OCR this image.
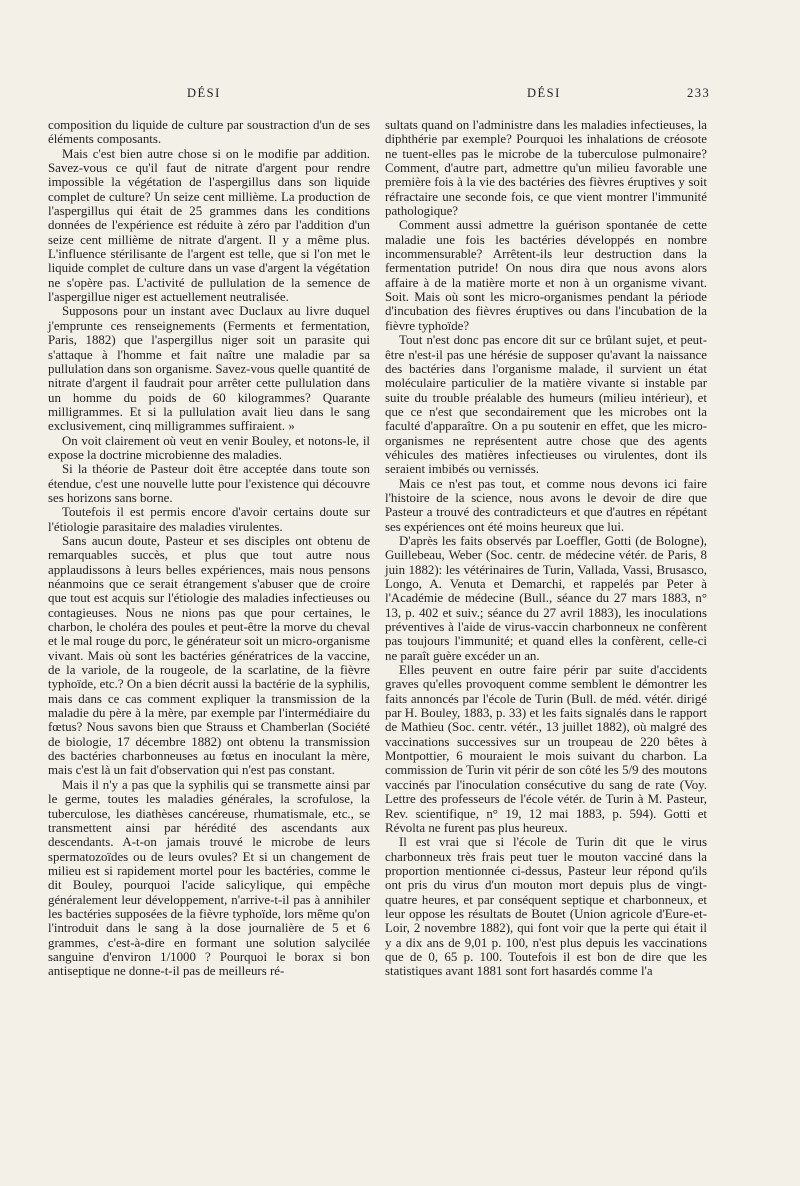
DÉSI	DÉSI	233

composition du liquide de culture par soustraction d'un de ses éléments composants.

Mais c'est bien autre chose si on le modifie par addition. Savez-vous ce qu'il faut de nitrate d'argent pour rendre impossible la végétation de l'aspergillus dans son liquide complet de culture? Un seize cent millième. La production de l'aspergillus qui était de 25 grammes dans les conditions données de l'expérience est réduite à zéro par l'addition d'un seize cent millième de nitrate d'argent. Il y a même plus. L'influence stérilisante de l'argent est telle, que si l'on met le liquide complet de culture dans un vase d'argent la végétation ne s'opère pas. L'activité de pullulation de la semence de l'aspergillue niger est actuellement neutralisée.

Supposons pour un instant avec Duclaux au livre duquel j'emprunte ces renseignements (Ferments et fermentation, Paris, 1882) que l'aspergillus niger soit un parasite qui s'attaque à l'homme et fait naître une maladie par sa pullulation dans son organisme. Savez-vous quelle quantité de nitrate d'argent il faudrait pour arrêter cette pullulation dans un homme du poids de 60 kilogrammes? Quarante milligrammes. Et si la pullulation avait lieu dans le sang exclusivement, cinq milligrammes suffiraient. »

On voit clairement où veut en venir Bouley, et notons-le, il expose la doctrine microbienne des maladies.

Si la théorie de Pasteur doit être acceptée dans toute son étendue, c'est une nouvelle lutte pour l'existence qui découvre ses horizons sans borne.

Toutefois il est permis encore d'avoir certains doute sur l'étiologie parasitaire des maladies virulentes.

Sans aucun doute, Pasteur et ses disciples ont obtenu de remarquables succès, et plus que tout autre nous applaudissons à leurs belles expériences, mais nous pensons néanmoins que ce serait étrangement s'abuser que de croire que tout est acquis sur l'étiologie des maladies infectieuses ou contagieuses. Nous ne nions pas que pour certaines, le charbon, le choléra des poules et peut-être la morve du cheval et le mal rouge du porc, le générateur soit un micro-organisme vivant. Mais où sont les bactéries génératrices de la vaccine, de la variole, de la rougeole, de la scarlatine, de la fièvre typhoïde, etc.? On a bien décrit aussi la bactérie de la syphilis, mais dans ce cas comment expliquer la transmission de la maladie du père à la mère, par exemple par l'intermédiaire du fœtus? Nous savons bien que Strauss et Chamberlan (Société de biologie, 17 décembre 1882) ont obtenu la transmission des bactéries charbonneuses au fœtus en inoculant la mère, mais c'est là un fait d'observation qui n'est pas constant.

Mais il n'y a pas que la syphilis qui se transmette ainsi par le germe, toutes les maladies générales, la scrofulose, la tuberculose, les diathèses cancéreuse, rhumatismale, etc., se transmettent ainsi par hérédité des ascendants aux descendants. A-t-on jamais trouvé le microbe de leurs spermatozoïdes ou de leurs ovules? Et si un changement de milieu est si rapidement mortel pour les bactéries, comme le dit Bouley, pourquoi l'acide salicylique, qui empêche généralement leur développement, n'arrive-t-il pas à annihiler les bactéries supposées de la fièvre typhoïde, lors même qu'on l'introduit dans le sang à la dose journalière de 5 et 6 grammes, c'est-à-dire en formant une solution salycilée sanguine d'environ 1/1000 ? Pourquoi le borax si bon antiseptique ne donne-t-il pas de meilleurs ré-

sultats quand on l'administre dans les maladies infectieuses, la diphthérie par exemple? Pourquoi les inhalations de créosote ne tuent-elles pas le microbe de la tuberculose pulmonaire? Comment, d'autre part, admettre qu'un milieu favorable une première fois à la vie des bactéries des fièvres éruptives y soit réfractaire une seconde fois, ce que vient montrer l'immunité pathologique?

Comment aussi admettre la guérison spontanée de cette maladie une fois les bactéries développés en nombre incommensurable? Arrêtent-ils leur destruction dans la fermentation putride! On nous dira que nous avons alors affaire à de la matière morte et non à un organisme vivant. Soit. Mais où sont les micro-organismes pendant la période d'incubation des fièvres éruptives ou dans l'incubation de la fièvre typhoïde?

Tout n'est donc pas encore dit sur ce brûlant sujet, et peut-être n'est-il pas une hérésie de supposer qu'avant la naissance des bactéries dans l'organisme malade, il survient un état moléculaire particulier de la matière vivante si instable par suite du trouble préalable des humeurs (milieu intérieur), et que ce n'est que secondairement que les microbes ont la faculté d'apparaître. On a pu soutenir en effet, que les micro-organismes ne représentent autre chose que des agents véhicules des matières infectieuses ou virulentes, dont ils seraient imbibés ou vernissés.

Mais ce n'est pas tout, et comme nous devons ici faire l'histoire de la science, nous avons le devoir de dire que Pasteur a trouvé des contradicteurs et que d'autres en répétant ses expériences ont été moins heureux que lui.

D'après les faits observés par Loeffler, Gotti (de Bologne), Guillebeau, Weber (Soc. centr. de médecine vétér. de Paris, 8 juin 1882): les vétérinaires de Turin, Vallada, Vassi, Brusasco, Longo, A. Venuta et Demarchi, et rappelés par Peter à l'Académie de médecine (Bull., séance du 27 mars 1883, n° 13, p. 402 et suiv.; séance du 27 avril 1883), les inoculations préventives à l'aide de virus-vaccin charbonneux ne confèrent pas toujours l'immunité; et quand elles la confèrent, celle-ci ne paraît guère excéder un an.

Elles peuvent en outre faire périr par suite d'accidents graves qu'elles provoquent comme semblent le démontrer les faits annoncés par l'école de Turin (Bull. de méd. vétér. dirigé par H. Bouley, 1883, p. 33) et les faits signalés dans le rapport de Mathieu (Soc. centr. vétér., 13 juillet 1882), où malgré des vaccinations successives sur un troupeau de 220 bêtes à Montpottier, 6 mouraient le mois suivant du charbon. La commission de Turin vit périr de son côté les 5/9 des moutons vaccinés par l'inoculation consécutive du sang de rate (Voy. Lettre des professeurs de l'école vétér. de Turin à M. Pasteur, Rev. scientifique, n° 19, 12 mai 1883, p. 594). Gotti et Révolta ne furent pas plus heureux.

Il est vrai que si l'école de Turin dit que le virus charbonneux très frais peut tuer le mouton vacciné dans la proportion mentionnée ci-dessus, Pasteur leur répond qu'ils ont pris du virus d'un mouton mort depuis plus de vingt-quatre heures, et par conséquent septique et charbonneux, et leur oppose les résultats de Boutet (Union agricole d'Eure-et-Loir, 2 novembre 1882), qui font voir que la perte qui était il y a dix ans de 9,01 p. 100, n'est plus depuis les vaccinations que de 0, 65 p. 100. Toutefois il est bon de dire que les statistiques avant 1881 sont fort hasardés comme l'a
